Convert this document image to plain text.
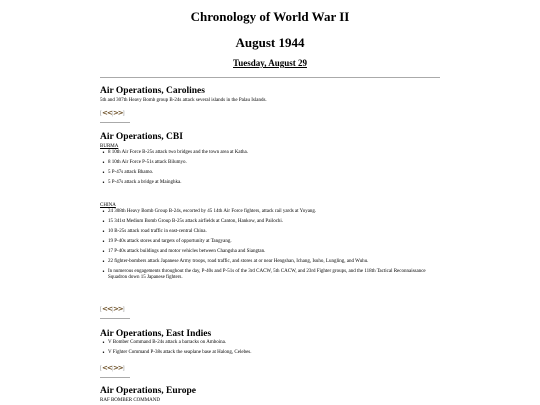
Chronology of World War II
August 1944
Tuesday, August 29
Air Operations, Carolines
5th and 307th Heavy Bomb group B-24s attack several islands in the Palau Islands.
[<<|>>]
Air Operations, CBI
BURMA
• 8 10th Air Force B-25s attack two bridges and the town area at Katha.
• 8 10th Air Force P-51s attack Bilumyo.
• 5 P-47s attack Bhamo.
• 5 P-47s attack a bridge at Mainghka.
CHINA
• 24 308th Heavy Bomb Group B-24s, escorted by 45 14th Air Force fighters, attack rail yards at Yoyang.
• 15 341st Medium Bomb Group B-25s attack airfields at Canton, Hankow, and Pailochi.
• 10 B-25s attack road traffic in east-central China.
• 19 P-40s attack stores and targets of opportunity at Tangyang.
• 17 P-40s attack buildings and motor vehicles between Changsha and Siangtan.
• 22 fighter-bombers attack Japanese Army troops, road traffic, and stores at or near Hengshan, Ichang, Isuho, Lungling, and Wuhu.
• In numerous engagements throughout the day, P-40s and P-51s of the 3rd CACW, 5th CACW, and 23rd Fighter groups, and the 118th Tactical Reconnaissance Squadron down 15 Japanese fighters.
[<<|>>]
Air Operations, East Indies
• V Bomber Command B-24s attack a barracks on Amboina.
• V Fighter Command P-38s attack the seaplane base at Halong, Celebes.
[<<|>>]
Air Operations, Europe
RAF BOMBER COMMAND
